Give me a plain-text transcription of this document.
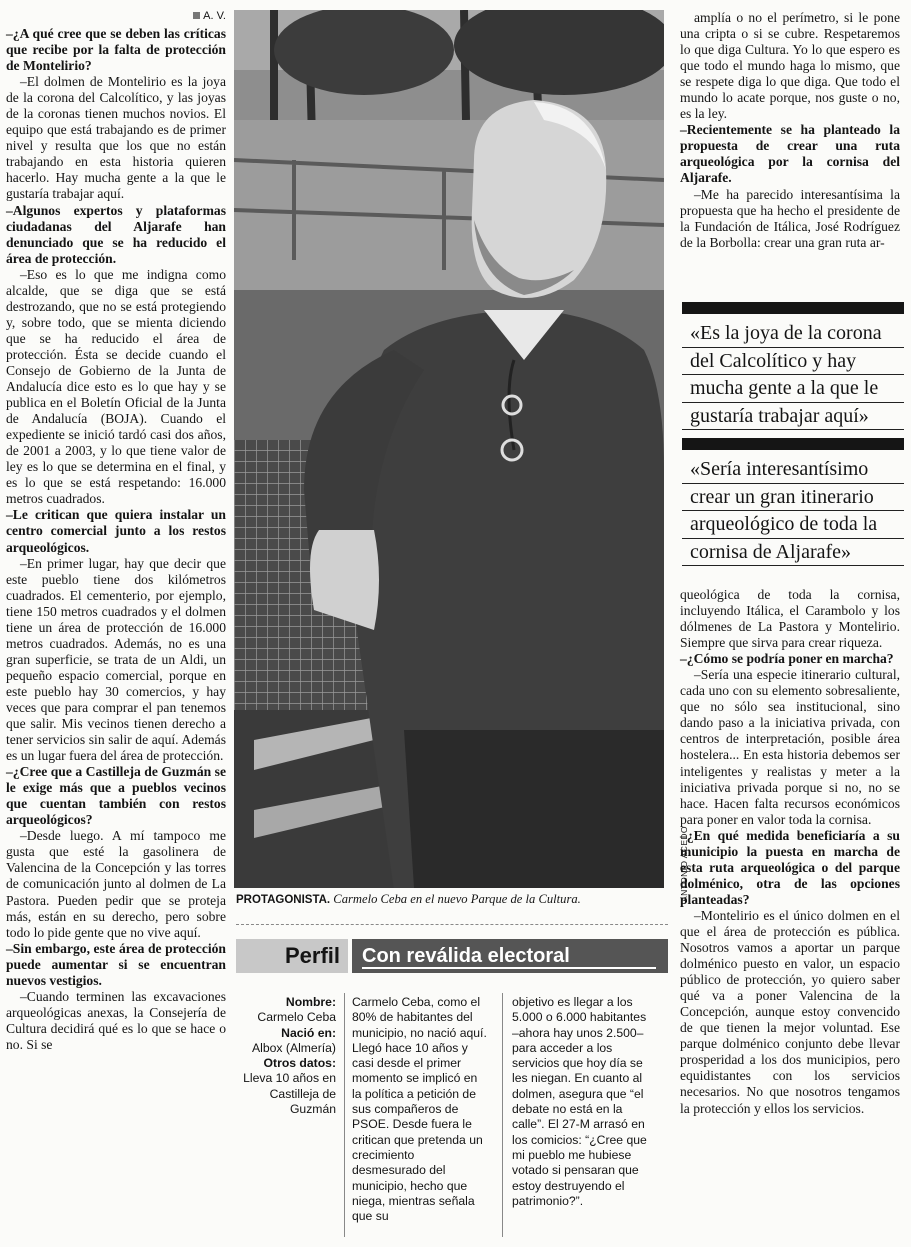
A. V.

–¿A qué cree que se deben las críticas que recibe por la falta de protección de Montelirio?

–El dolmen de Montelirio es la joya de la corona del Calcolítico, y las joyas de la coronas tienen muchos novios. El equipo que está trabajando es de primer nivel y resulta que los que no están trabajando en esta historia quieren hacerlo. Hay mucha gente a la que le gustaría trabajar aquí.

–Algunos expertos y plataformas ciudadanas del Aljarafe han denunciado que se ha reducido el área de protección.

–Eso es lo que me indigna como alcalde, que se diga que se está destrozando, que no se está protegiendo y, sobre todo, que se mienta diciendo que se ha reducido el área de protección. Ésta se decide cuando el Consejo de Gobierno de la Junta de Andalucía dice esto es lo que hay y se publica en el Boletín Oficial de la Junta de Andalucía (BOJA). Cuando el expediente se inició tardó casi dos años, de 2001 a 2003, y lo que tiene valor de ley es lo que se determina en el final, y es lo que se está respetando: 16.000 metros cuadrados.

–Le critican que quiera instalar un centro comercial junto a los restos arqueológicos.

–En primer lugar, hay que decir que este pueblo tiene dos kilómetros cuadrados. El cementerio, por ejemplo, tiene 150 metros cuadrados y el dolmen tiene un área de protección de 16.000 metros cuadrados. Además, no es una gran superficie, se trata de un Aldi, un pequeño espacio comercial, porque en este pueblo hay 30 comercios, y hay veces que para comprar el pan tenemos que salir. Mis vecinos tienen derecho a tener servicios sin salir de aquí. Además es un lugar fuera del área de protección.

–¿Cree que a Castilleja de Guzmán se le exige más que a pueblos vecinos que cuentan también con restos arqueológicos?

–Desde luego. A mí tampoco me gusta que esté la gasolinera de Valencina de la Concepción y las torres de comunicación junto al dolmen de La Pastora. Pueden pedir que se proteja más, están en su derecho, pero sobre todo lo pide gente que no vive aquí.

–Sin embargo, este área de protección puede aumentar si se encuentran nuevos vestigios.

–Cuando terminen las excavaciones arqueológicas anexas, la Consejería de Cultura decidirá qué es lo que se hace o no. Si se

amplía o no el perímetro, si le pone una cripta o si se cubre. Respetaremos lo que diga Cultura. Yo lo que espero es que todo el mundo haga lo mismo, que se respete diga lo que diga. Que todo el mundo lo acate porque, nos guste o no, es la ley.

–Recientemente se ha planteado la propuesta de crear una ruta arqueológica por la cornisa del Aljarafe.

–Me ha parecido interesantísima la propuesta que ha hecho el presidente de la Fundación de Itálica, José Rodríguez de la Borbolla: crear una gran ruta ar-

ANTONIO ACEDO
PROTAGONISTA. Carmelo Ceba en el nuevo Parque de la Cultura.
«Es la joya de la corona
del Calcolítico y hay
mucha gente a la que le
gustaría trabajar aquí»
«Sería interesantísimo
crear un gran itinerario
arqueológico de toda la
cornisa de Aljarafe»

queológica de toda la cornisa, incluyendo Itálica, el Carambolo y los dólmenes de La Pastora y Montelirio. Siempre que sirva para crear riqueza.

–¿Cómo se podría poner en marcha?

–Sería una especie itinerario cultural, cada uno con su elemento sobresaliente, que no sólo sea institucional, sino dando paso a la iniciativa privada, con centros de interpretación, posible área hostelera... En esta historia debemos ser inteligentes y realistas y meter a la iniciativa privada porque si no, no se hace. Hacen falta recursos económicos para poner en valor toda la cornisa.

–¿En qué medida beneficiaría a su municipio la puesta en marcha de esta ruta arqueológica o del parque dolménico, otra de las opciones planteadas?

–Montelirio es el único dolmen en el que el área de protección es pública. Nosotros vamos a aportar un parque dolménico puesto en valor, un espacio público de protección, yo quiero saber qué va a poner Valencina de la Concepción, aunque estoy convencido de que tienen la mejor voluntad. Ese parque dolménico conjunto debe llevar prosperidad a los dos municipios, pero equidistantes con los servicios necesarios. No que nosotros tengamos la protección y ellos los servicios.

Perfil	Con reválida electoral
Nombre:
Carmelo Ceba
Nació en:
Albox (Almería)
Otros datos:
Lleva 10 años en Castilleja de Guzmán

Carmelo Ceba, como el 80% de habitantes del municipio, no nació aquí. Llegó hace 10 años y casi desde el primer momento se implicó en la política a petición de sus compañeros de PSOE. Desde fuera le critican que pretenda un crecimiento desmesurado del municipio, hecho que niega, mientras señala que su

objetivo es llegar a los 5.000 o 6.000 habitantes –ahora hay unos 2.500– para acceder a los servicios que hoy día se les niegan. En cuanto al dolmen, asegura que “el debate no está en la calle”. El 27-M arrasó en los comicios: “¿Cree que mi pueblo me hubiese votado si pensaran que estoy destruyendo el patrimonio?”.
